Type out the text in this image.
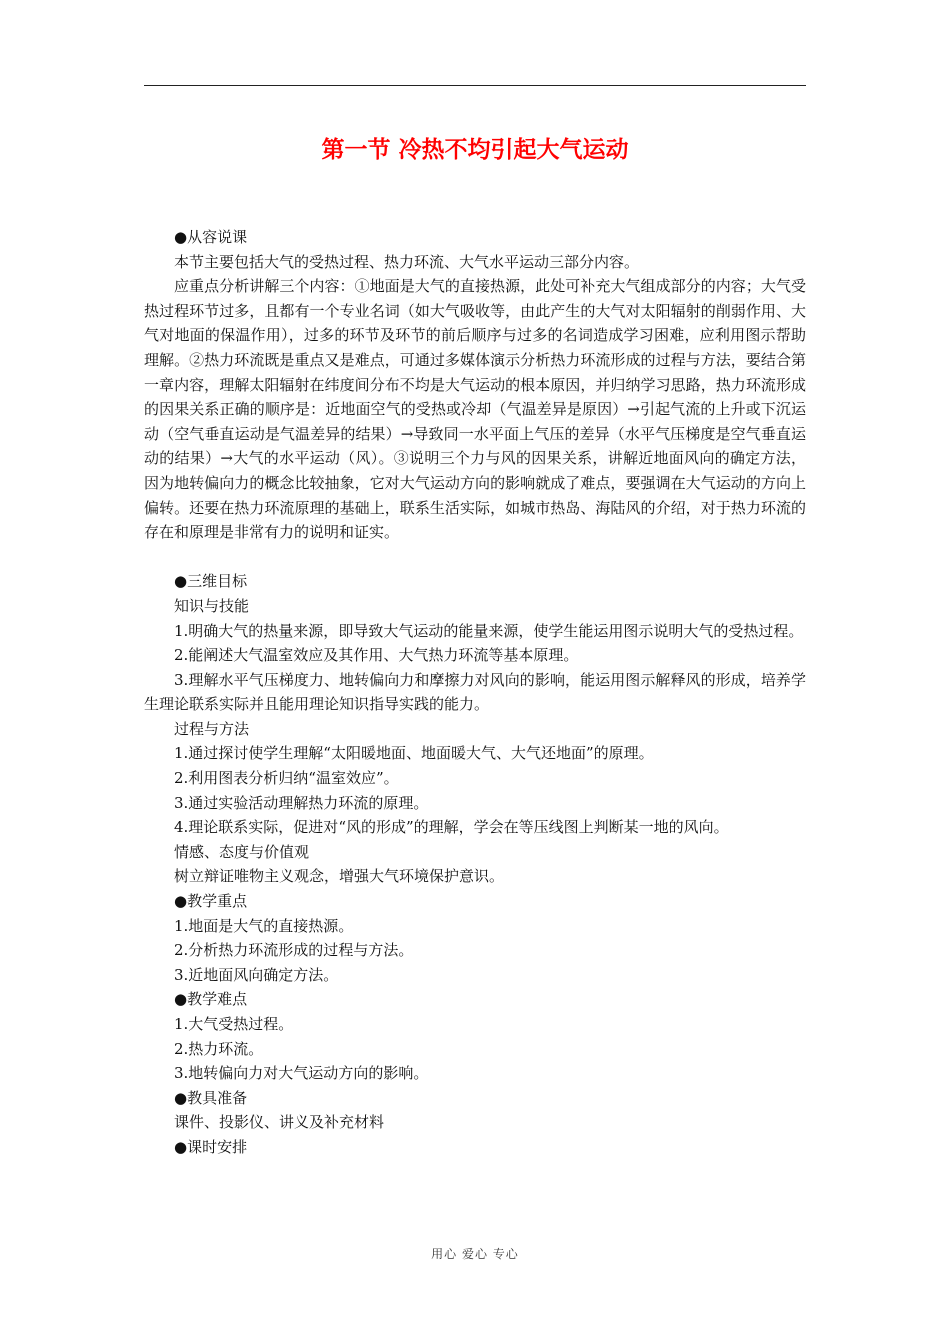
第一节 冷热不均引起大气运动

●从容说课

本节主要包括大气的受热过程、热力环流、大气水平运动三部分内容。

应重点分析讲解三个内容：①地面是大气的直接热源，此处可补充大气组成部分的内容；大气受热过程环节过多，且都有一个专业名词（如大气吸收等，由此产生的大气对太阳辐射的削弱作用、大气对地面的保温作用），过多的环节及环节的前后顺序与过多的名词造成学习困难，应利用图示帮助理解。②热力环流既是重点又是难点，可通过多媒体演示分析热力环流形成的过程与方法，要结合第一章内容，理解太阳辐射在纬度间分布不均是大气运动的根本原因，并归纳学习思路，热力环流形成的因果关系正确的顺序是：近地面空气的受热或冷却（气温差异是原因）→引起气流的上升或下沉运动（空气垂直运动是气温差异的结果）→导致同一水平面上气压的差异（水平气压梯度是空气垂直运动的结果）→大气的水平运动（风）。③说明三个力与风的因果关系，讲解近地面风向的确定方法，因为地转偏向力的概念比较抽象，它对大气运动方向的影响就成了难点，要强调在大气运动的方向上偏转。还要在热力环流原理的基础上，联系生活实际，如城市热岛、海陆风的介绍，对于热力环流的存在和原理是非常有力的说明和证实。

●三维目标

知识与技能

1.明确大气的热量来源，即导致大气运动的能量来源，使学生能运用图示说明大气的受热过程。

2.能阐述大气温室效应及其作用、大气热力环流等基本原理。

3.理解水平气压梯度力、地转偏向力和摩擦力对风向的影响，能运用图示解释风的形成，培养学生理论联系实际并且能用理论知识指导实践的能力。

过程与方法

1.通过探讨使学生理解“太阳暖地面、地面暖大气、大气还地面”的原理。

2.利用图表分析归纳“温室效应”。

3.通过实验活动理解热力环流的原理。

4.理论联系实际，促进对“风的形成”的理解，学会在等压线图上判断某一地的风向。

情感、态度与价值观

树立辩证唯物主义观念，增强大气环境保护意识。

●教学重点

1.地面是大气的直接热源。

2.分析热力环流形成的过程与方法。

3.近地面风向确定方法。

●教学难点

1.大气受热过程。

2.热力环流。

3.地转偏向力对大气运动方向的影响。

●教具准备

课件、投影仪、讲义及补充材料

●课时安排

用心 爱心 专心
